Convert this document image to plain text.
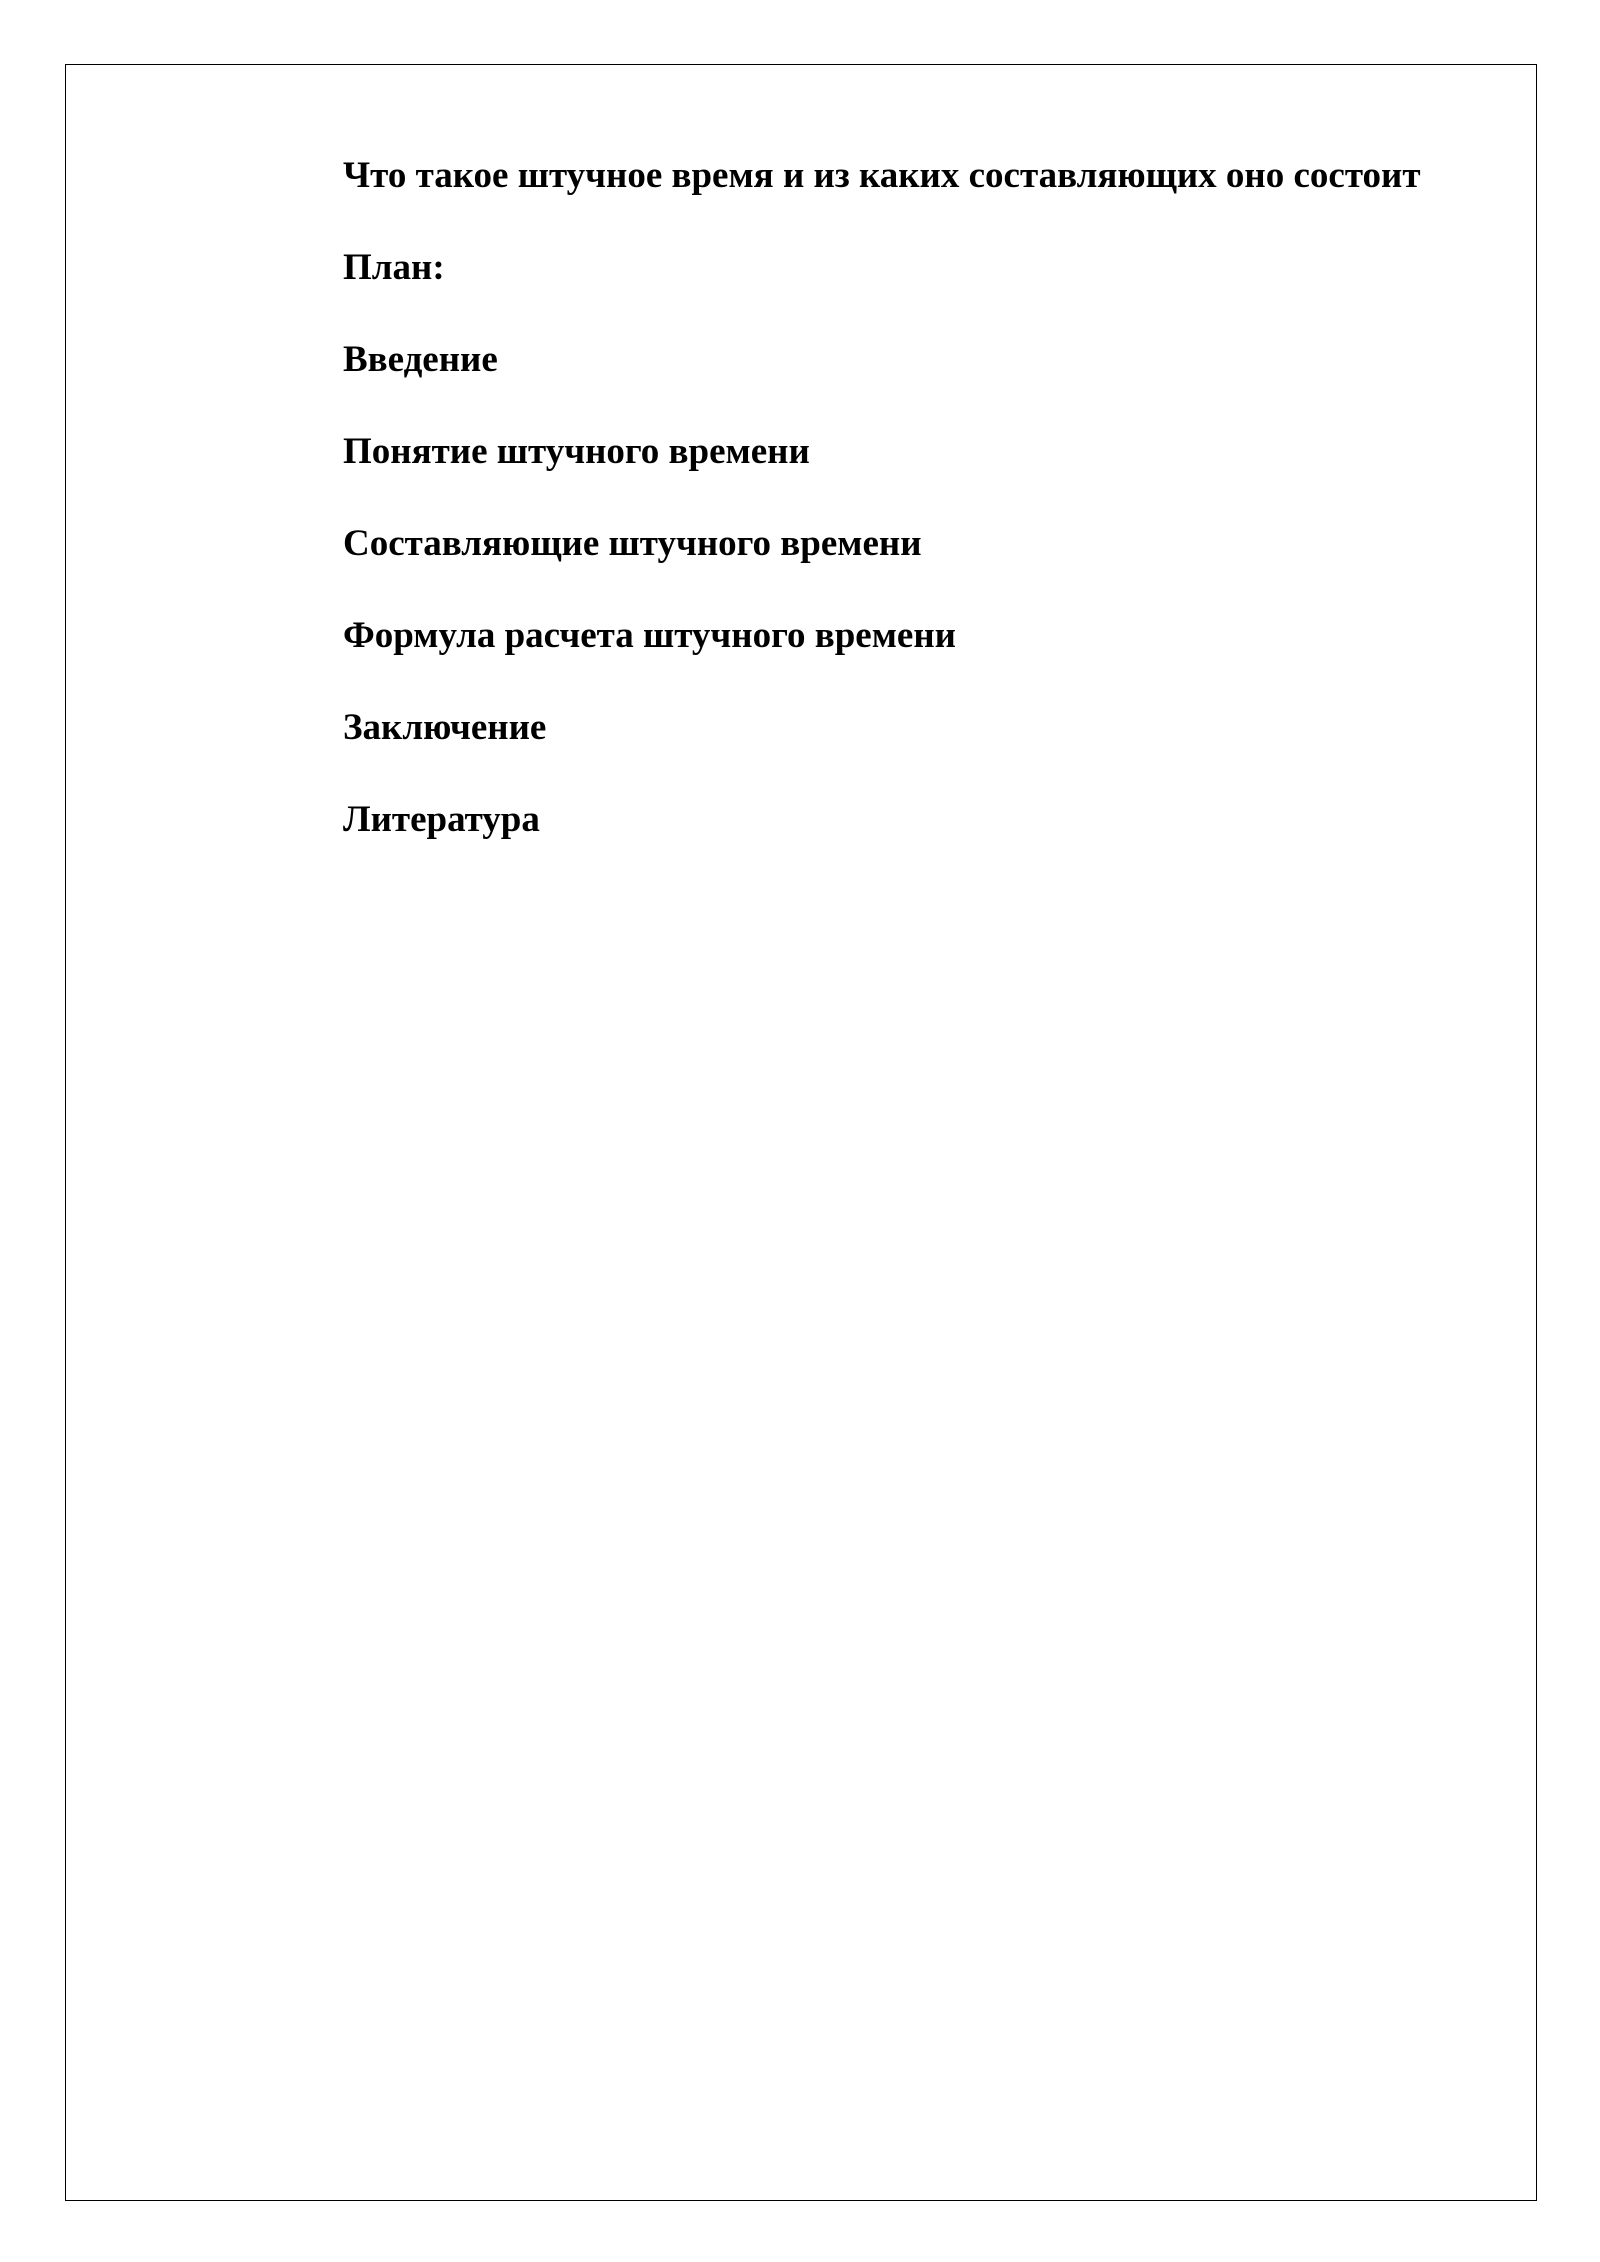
Что такое штучное время и из каких составляющих оно состоит

План:

Введение

Понятие штучного времени

Составляющие штучного времени

Формула расчета штучного времени

Заключение

Литература
